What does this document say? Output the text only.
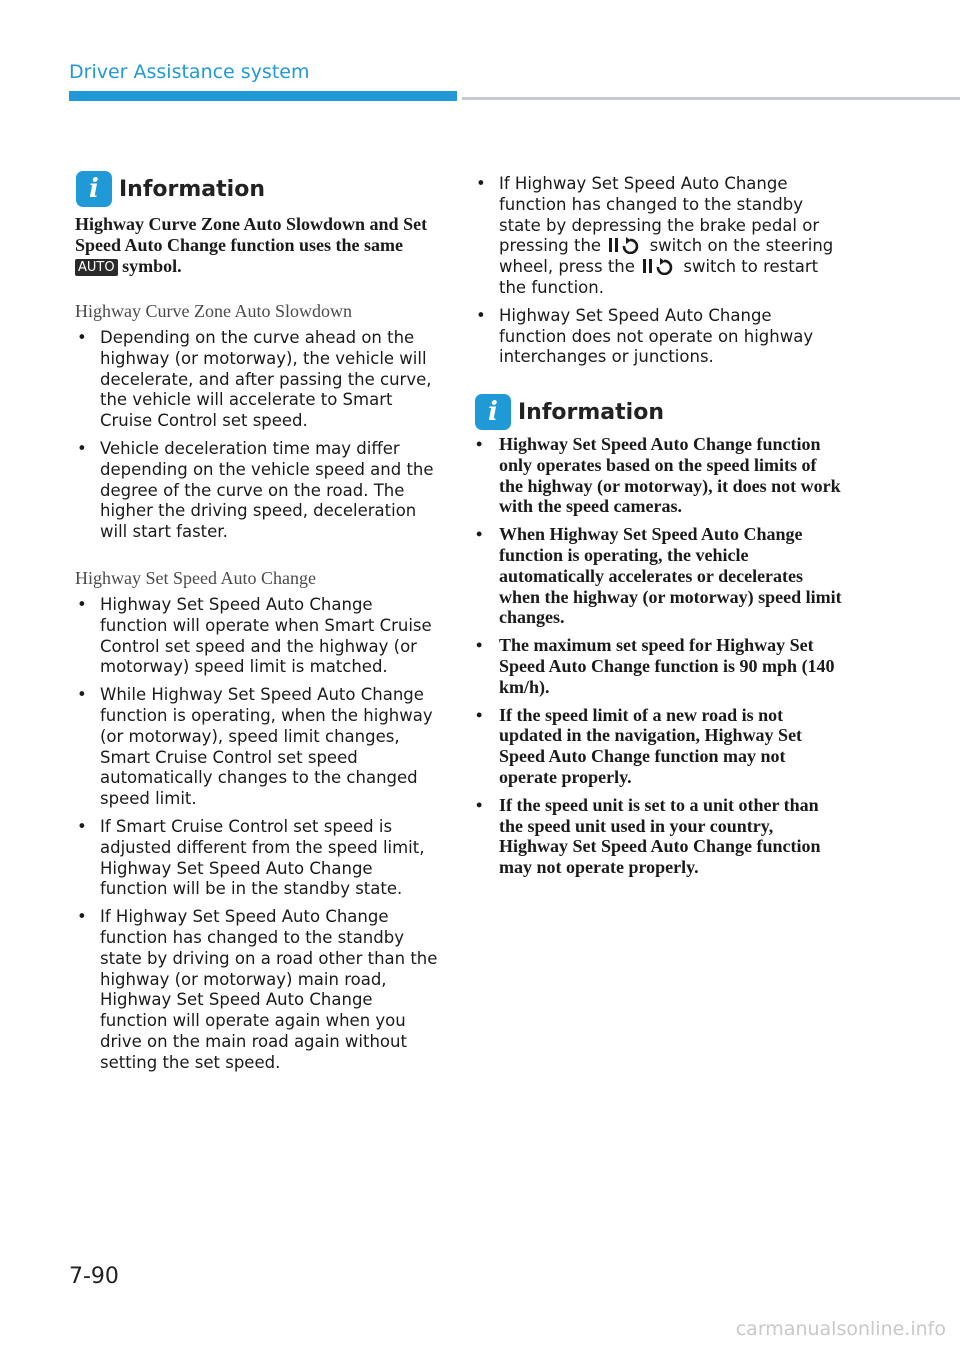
Driver Assistance system
i Information
Highway Curve Zone Auto Slowdown and Set Speed Auto Change function uses the same AUTO symbol.
Highway Curve Zone Auto Slowdown
• Depending on the curve ahead on the highway (or motorway), the vehicle will decelerate, and after passing the curve, the vehicle will accelerate to Smart Cruise Control set speed.
• Vehicle deceleration time may differ depending on the vehicle speed and the degree of the curve on the road. The higher the driving speed, deceleration will start faster.
Highway Set Speed Auto Change
• Highway Set Speed Auto Change function will operate when Smart Cruise Control set speed and the highway (or motorway) speed limit is matched.
• While Highway Set Speed Auto Change function is operating, when the highway (or motorway), speed limit changes, Smart Cruise Control set speed automatically changes to the changed speed limit.
• If Smart Cruise Control set speed is adjusted different from the speed limit, Highway Set Speed Auto Change function will be in the standby state.
• If Highway Set Speed Auto Change function has changed to the standby state by driving on a road other than the highway (or motorway) main road, Highway Set Speed Auto Change function will operate again when you drive on the main road again without setting the set speed.
• If Highway Set Speed Auto Change function has changed to the standby state by depressing the brake pedal or pressing the  switch on the steering wheel, press the  switch to restart the function.
• Highway Set Speed Auto Change function does not operate on highway interchanges or junctions.
i Information
• Highway Set Speed Auto Change function only operates based on the speed limits of the highway (or motorway), it does not work with the speed cameras.
• When Highway Set Speed Auto Change function is operating, the vehicle automatically accelerates or decelerates when the highway (or motorway) speed limit changes.
• The maximum set speed for Highway Set Speed Auto Change function is 90 mph (140 km/h).
• If the speed limit of a new road is not updated in the navigation, Highway Set Speed Auto Change function may not operate properly.
• If the speed unit is set to a unit other than the speed unit used in your country, Highway Set Speed Auto Change function may not operate properly.
7-90
carmanualsonline.info
